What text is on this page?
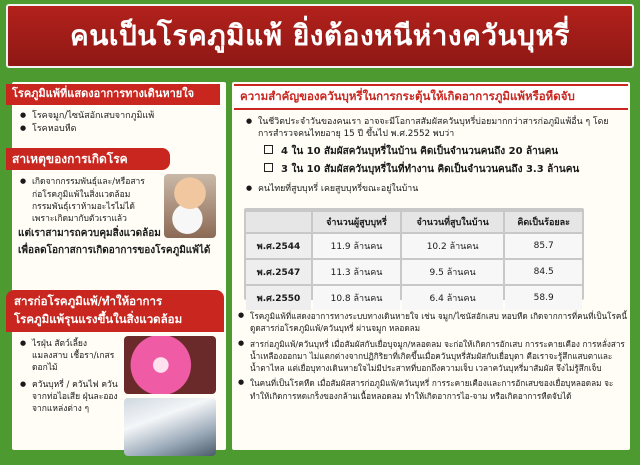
คนเป็นโรคภูมิแพ้ ยิ่งต้องหนีห่างควันบุหรี่
โรคภูมิแพ้ที่แสดงอาการทางเดินหายใจ
● โรคจมูก/ไซนัสอักเสบจากภูมิแพ้
● โรคหอบหืด
สาเหตุของการเกิดโรค
● เกิดจากกรรมพันธุ์และ/หรือสารก่อโรคภูมิแพ้ในสิ่งแวดล้อม กรรมพันธุ์เราห้ามอะไรไม่ได้ เพราะเกิดมากับตัวเราแล้ว
แต่เราสามารถควบคุมสิ่งแวดล้อม
เพื่อลดโอกาสการเกิดอาการของโรคภูมิแพ้ได้
สารก่อโรคภูมิแพ้/ทำให้อาการ
โรคภูมิแพ้รุนแรงขึ้นในสิ่งแวดล้อม
● ไรฝุ่น สัตว์เลี้ยง แมลงสาบ เชื้อรา/เกสรดอกไม้
● ควันบุหรี่ / ควันไฟ ควันจากท่อไอเสีย ฝุ่นละอองจากแหล่งต่าง ๆ
ความสำคัญของควันบุหรี่ในการกระตุ้นให้เกิดอาการภูมิแพ้หรือหืดจับ
● ในชีวิตประจำวันของคนเรา อาจจะมีโอกาสสัมผัสควันบุหรี่บ่อยมากกว่าสารก่อภูมิแพ้อื่น ๆ โดยการสำรวจคนไทยอายุ 15 ปี ขึ้นไป พ.ศ.2552 พบว่า
4 ใน 10 สัมผัสควันบุหรี่ในบ้าน คิดเป็นจำนวนคนถึง 20 ล้านคน
3 ใน 10 สัมผัสควันบุหรี่ในที่ทำงาน คิดเป็นจำนวนคนถึง 3.3 ล้านคน
● คนไทยที่สูบบุหรี่ เคยสูบบุหรี่ขณะอยู่ในบ้าน
	จำนวนผู้สูบบุหรี่	จำนวนที่สูบในบ้าน	คิดเป็นร้อยละ
พ.ศ.2544	11.9 ล้านคน	10.2 ล้านคน	85.7
พ.ศ.2547	11.3 ล้านคน	9.5 ล้านคน	84.5
พ.ศ.2550	10.8 ล้านคน	6.4 ล้านคน	58.9
● โรคภูมิแพ้ที่แสดงอาการทางระบบทางเดินหายใจ เช่น จมูก/ไซนัสอักเสบ หอบหืด เกิดจากการที่คนที่เป็นโรคนี้ดูดสารก่อโรคภูมิแพ้/ควันบุหรี่ ผ่านจมูก หลอดลม
● สารก่อภูมิแพ้/ควันบุหรี่ เมื่อสัมผัสกับเยื่อบุจมูก/หลอดลม จะก่อให้เกิดการอักเสบ การระคายเคือง การหลั่งสารน้ำเหลืองออกมา ไม่แตกต่างจากปฏิกิริยาที่เกิดขึ้นเมื่อควันบุหรี่สัมผัสกับเยื่อบุตา คือเราจะรู้สึกแสบตาและน้ำตาไหล แต่เยื่อบุทางเดินหายใจไม่มีประสาทที่บอกถึงความเจ็บ เวลาควันบุหรี่มาสัมผัส จึงไม่รู้สึกเจ็บ
● ในคนที่เป็นโรคหืด เมื่อสัมผัสสารก่อภูมิแพ้/ควันบุหรี่ การระคายเคืองและการอักเสบของเยื่อบุหลอดลม จะทำให้เกิดการหดเกร็งของกล้ามเนื้อหลอดลม ทำให้เกิดอาการไอ-จาม หรือเกิดอาการหืดจับได้
